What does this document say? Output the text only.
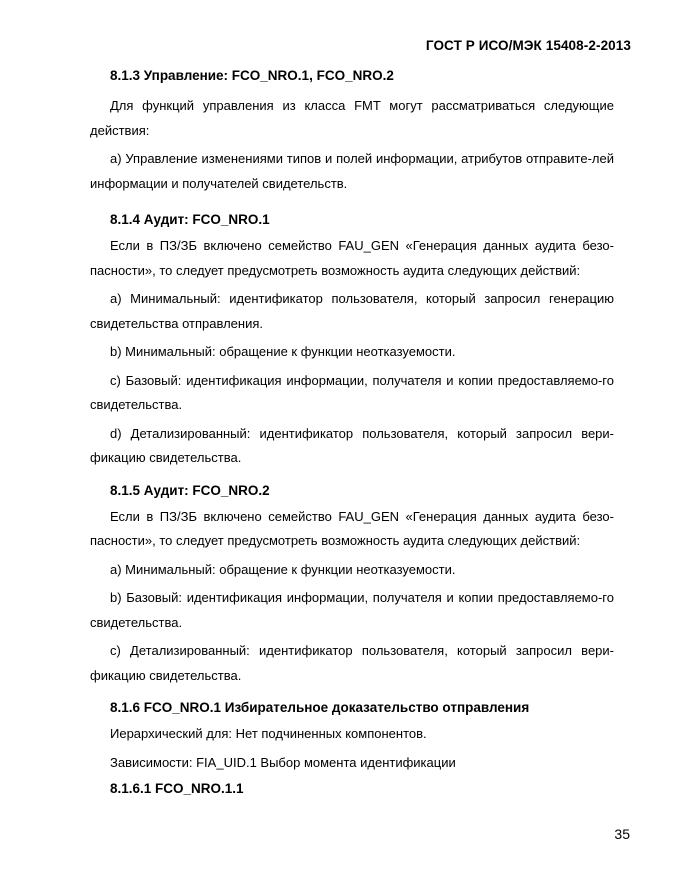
ГОСТ Р ИСО/МЭК 15408-2-2013

8.1.3 Управление: FCO_NRO.1, FCO_NRO.2

Для функций управления из класса FMT могут рассматриваться следующие действия:

a) Управление изменениями типов и полей информации, атрибутов отправите-лей информации и получателей свидетельств.

8.1.4 Аудит: FCO_NRO.1

Если в ПЗ/ЗБ включено семейство FAU_GEN «Генерация данных аудита безо-пасности», то следует предусмотреть возможность аудита следующих действий:

a) Минимальный: идентификатор пользователя, который запросил генерацию свидетельства отправления.

b) Минимальный: обращение к функции неотказуемости.

c) Базовый: идентификация информации, получателя и копии предоставляемо-го свидетельства.

d) Детализированный: идентификатор пользователя, который запросил вери-фикацию свидетельства.

8.1.5 Аудит: FCO_NRO.2

Если в ПЗ/ЗБ включено семейство FAU_GEN «Генерация данных аудита безо-пасности», то следует предусмотреть возможность аудита следующих действий:

a) Минимальный: обращение к функции неотказуемости.

b) Базовый: идентификация информации, получателя и копии предоставляемо-го свидетельства.

c) Детализированный: идентификатор пользователя, который запросил вери-фикацию свидетельства.

8.1.6 FCO_NRO.1 Избирательное доказательство отправления

Иерархический для: Нет подчиненных компонентов.

Зависимости: FIA_UID.1 Выбор момента идентификации

8.1.6.1 FCO_NRO.1.1

35
